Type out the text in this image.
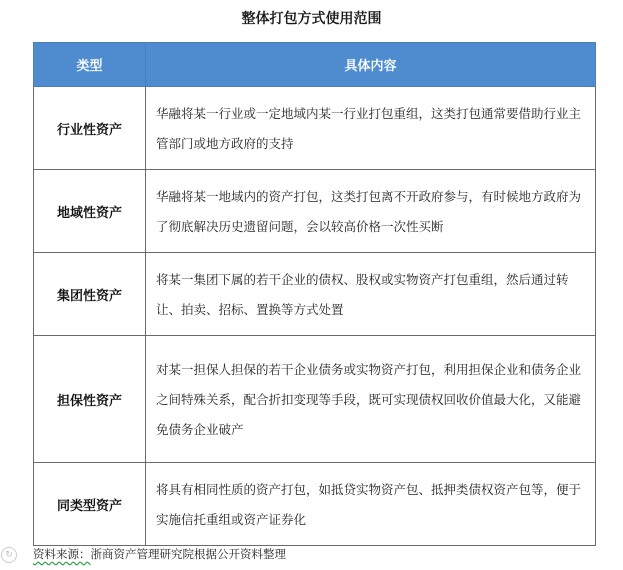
整体打包方式使用范围
类型	具体内容
行业性资产	华融将某一行业或一定地域内某一行业打包重组，这类打包通常要借助行业主管部门或地方政府的支持
地域性资产	华融将某一地域内的资产打包，这类打包离不开政府参与，有时候地方政府为了彻底解决历史遗留问题，会以较高价格一次性买断
集团性资产	将某一集团下属的若干企业的债权、股权或实物资产打包重组，然后通过转让、拍卖、招标、置换等方式处置
担保性资产	对某一担保人担保的若干企业债务或实物资产打包，利用担保企业和债务企业之间特殊关系，配合折扣变现等手段，既可实现债权回收价值最大化，又能避免债务企业破产
同类型资产	将具有相同性质的资产打包，如抵贷实物资产包、抵押类债权资产包等，便于实施信托重组或资产证券化
↻	资料来源：浙商资产管理研究院根据公开资料整理
